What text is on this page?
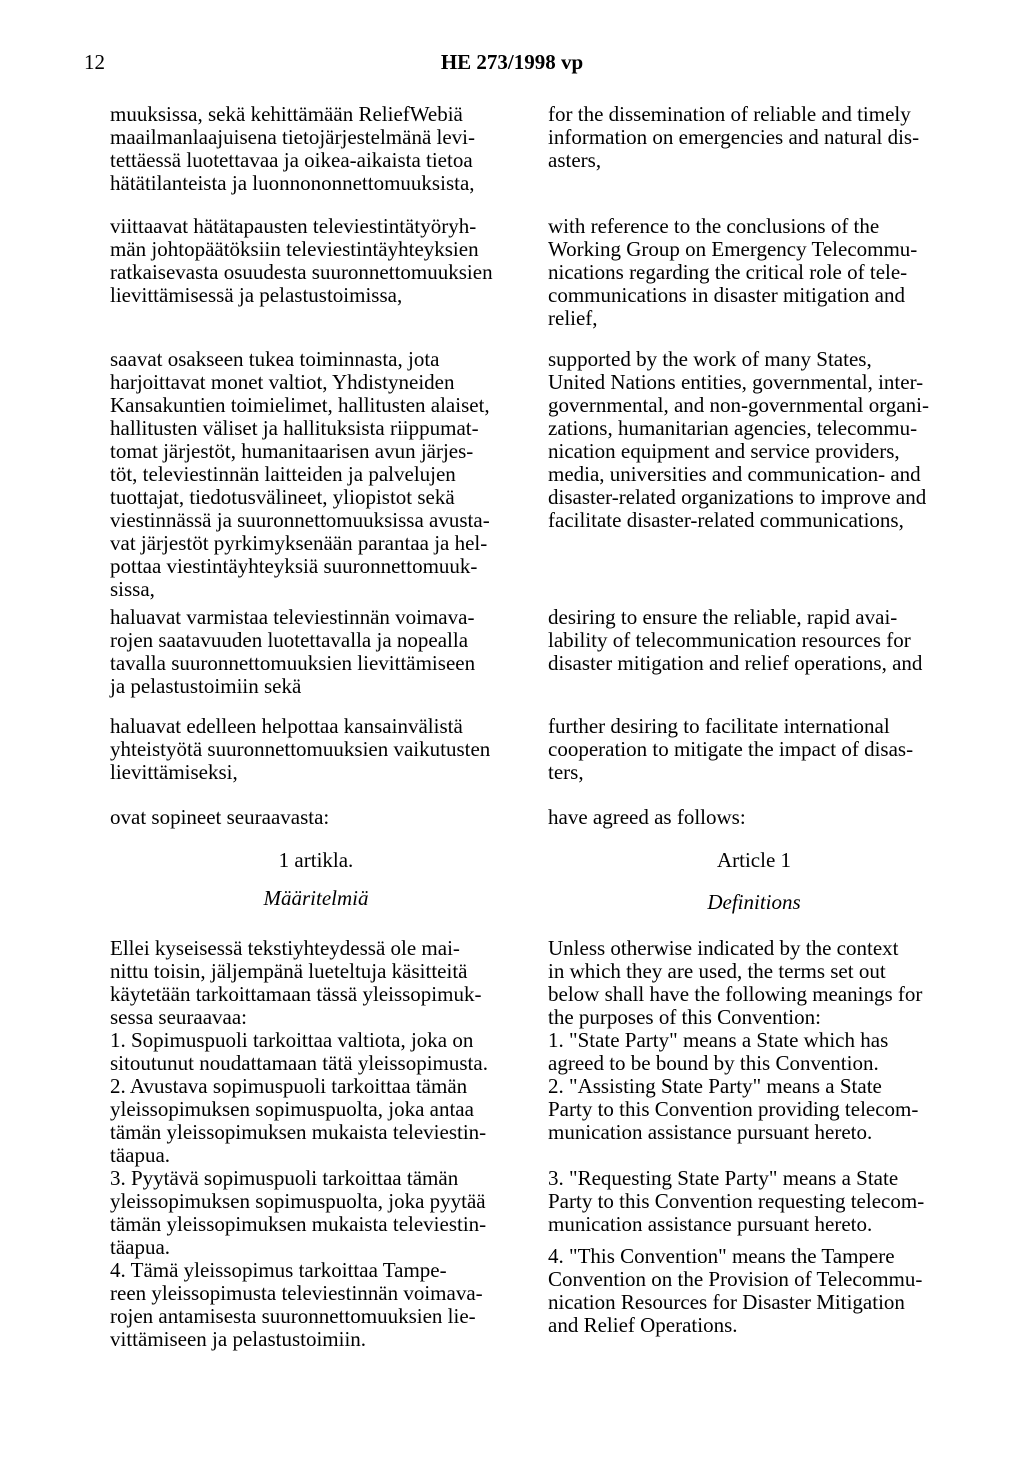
12	HE 273/1998 vp

muuksissa, sekä kehittämään ReliefWebiä
maailmanlaajuisena tietojärjestelmänä levi-
tettäessä luotettavaa ja oikea-aikaista tietoa
hätätilanteista ja luonnononnettomuuksista,

viittaavat hätätapausten televiestintätyöryh-
män johtopäätöksiin televiestintäyhteyksien
ratkaisevasta osuudesta suuronnettomuuksien
lievittämisessä ja pelastustoimissa,

saavat osakseen tukea toiminnasta, jota
harjoittavat monet valtiot, Yhdistyneiden
Kansakuntien toimielimet, hallitusten alaiset,
hallitusten väliset ja hallituksista riippumat-
tomat järjestöt, humanitaarisen avun järjes-
töt, televiestinnän laitteiden ja palvelujen
tuottajat, tiedotusvälineet, yliopistot sekä
viestinnässä ja suuronnettomuuksissa avusta-
vat järjestöt pyrkimyksenään parantaa ja hel-
pottaa viestintäyhteyksiä suuronnettomuuk-
sissa,

haluavat varmistaa televiestinnän voimava-
rojen saatavuuden luotettavalla ja nopealla
tavalla suuronnettomuuksien lievittämiseen
ja pelastustoimiin sekä

haluavat edelleen helpottaa kansainvälistä
yhteistyötä suuronnettomuuksien vaikutusten
lievittämiseksi,

ovat sopineet seuraavasta:

1 artikla.

Määritelmiä

Ellei kyseisessä tekstiyhteydessä ole mai-
nittu toisin, jäljempänä lueteltuja käsitteitä
käytetään tarkoittamaan tässä yleissopimuk-
sessa seuraavaa:

1. Sopimuspuoli tarkoittaa valtiota, joka on
sitoutunut noudattamaan tätä yleissopimusta.

2. Avustava sopimuspuoli tarkoittaa tämän
yleissopimuksen sopimuspuolta, joka antaa
tämän yleissopimuksen mukaista televiestin-
täapua.

3. Pyytävä sopimuspuoli tarkoittaa tämän
yleissopimuksen sopimuspuolta, joka pyytää
tämän yleissopimuksen mukaista televiestin-
täapua.

4. Tämä yleissopimus tarkoittaa Tampe-
reen yleissopimusta televiestinnän voimava-
rojen antamisesta suuronnettomuuksien lie-
vittämiseen ja pelastustoimiin.

for the dissemination of reliable and timely
information on emergencies and natural dis-
asters,

with reference to the conclusions of the
Working Group on Emergency Telecommu-
nications regarding the critical role of tele-
communications in disaster mitigation and
relief,

supported by the work of many States,
United Nations entities, governmental, inter-
governmental, and non-governmental organi-
zations, humanitarian agencies, telecommu-
nication equipment and service providers,
media, universities and communication- and
disaster-related organizations to improve and
facilitate disaster-related communications,

desiring to ensure the reliable, rapid avai-
lability of telecommunication resources for
disaster mitigation and relief operations, and

further desiring to facilitate international
cooperation to mitigate the impact of disas-
ters,

have agreed as follows:

Article 1

Definitions

Unless otherwise indicated by the context
in which they are used, the terms set out
below shall have the following meanings for
the purposes of this Convention:

1. "State Party" means a State which has
agreed to be bound by this Convention.

2. "Assisting State Party" means a State
Party to this Convention providing telecom-
munication assistance pursuant hereto.

3. "Requesting State Party" means a State
Party to this Convention requesting telecom-
munication assistance pursuant hereto.

4. "This Convention" means the Tampere
Convention on the Provision of Telecommu-
nication Resources for Disaster Mitigation
and Relief Operations.
